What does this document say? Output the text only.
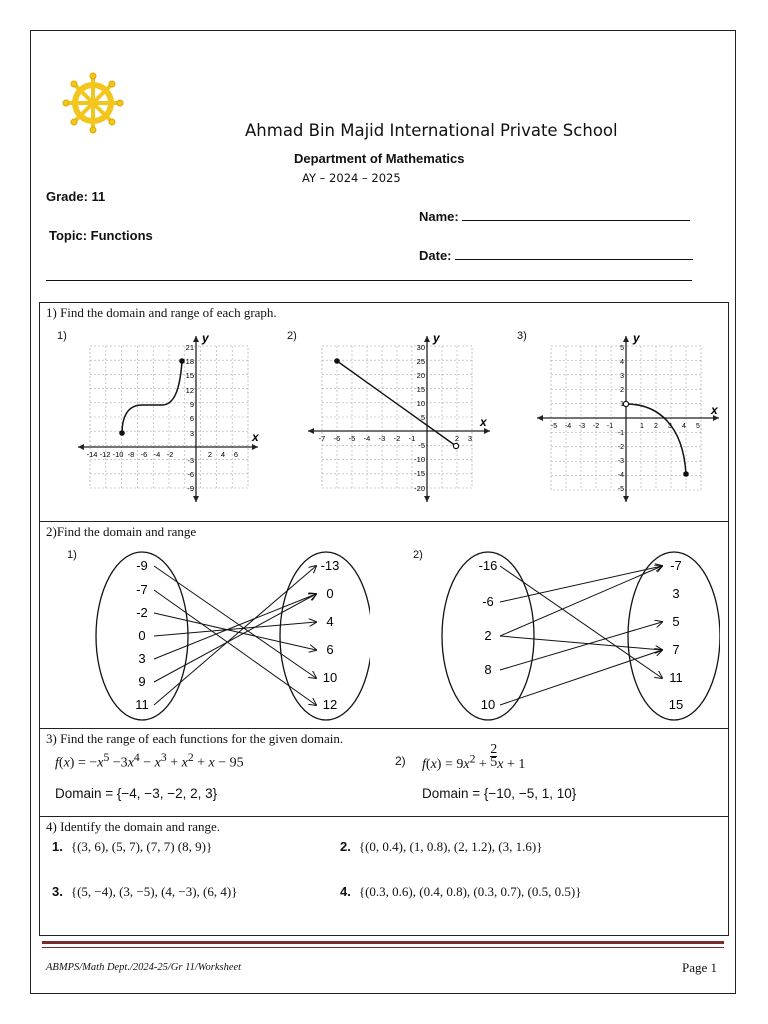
Ahmad Bin Majid International Private School
Department of Mathematics
AY – 2024 – 2025
Grade: 11
Topic: Functions
Name:
Date:
1) Find the domain and range of each graph.
1)	2)	3)
y
x
-14 -12 -10 -8 -6 -4 -2	2 4 6
21
18
15
12
9
6
3
-3
-6
-9
y
x
-7 -6 -5 -4 -3 -2 -1	2 3
30
25
20
15
10
5
-5
-10
-15
-20
y
x
-5 -4 -3 -2 -1	1 2 3 4 5
5
4
3
2
1
-1
-2
-3
-4
-5
2)Find the domain and range
1)	2)
-9
-7
-2
0
3
9
11
-13
0
4
6
10
12
-16
-6
2
8
10
-7
3
5
7
11
15
3) Find the range of each functions for the given domain.
$f(x) = -x^5 -3x^4 - x^3 + x^2 + x - 95$	2) $f(x) = 9x^2 + \frac{2}{5}$ x + 1
Domain = {−4, −3, −2, 2, 3}	Domain = {−10, −5, 1, 10}
4) Identify the domain and range.
1. {(3, 6), (5, 7), (7, 7) (8, 9)}	2. {(0, 0.4), (1, 0.8), (2, 1.2), (3, 1.6)}
3. {(5, −4), (3, −5), (4, −3), (6, 4)}	4. {(0.3, 0.6), (0.4, 0.8), (0.3, 0.7), (0.5, 0.5)}
ABMPS/Math Dept./2024-25/Gr 11/Worksheet	Page 1
